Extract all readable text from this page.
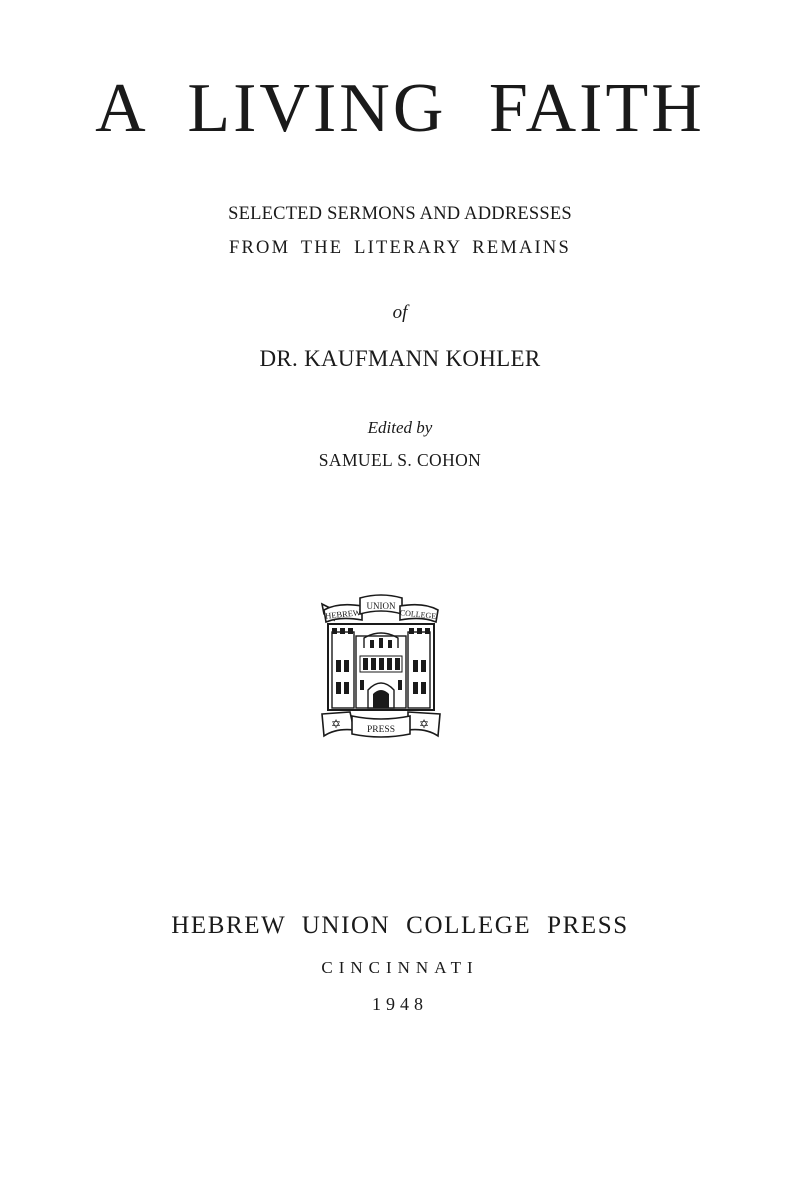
A LIVING FAITH
SELECTED SERMONS AND ADDRESSES
FROM THE LITERARY REMAINS
of
DR. KAUFMANN KOHLER
Edited by
SAMUEL S. COHON
HEBREW
UNION
COLLEGE
✡	✡
PRESS
HEBREW UNION COLLEGE PRESS
CINCINNATI
1948
